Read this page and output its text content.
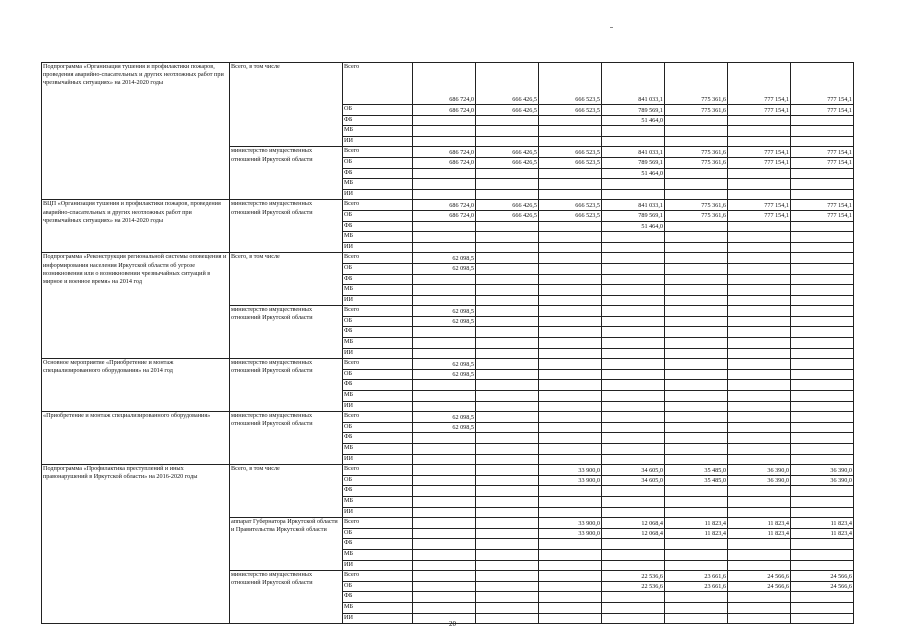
Подпрограмма «Организация тушения и профилактики пожаров, проведения аварийно-спасательных и других неотложных работ при чрезвычайных ситуациях» на 2014-2020 годы	Всего, в том числе	Всего	686 724,0	666 426,5	666 523,5	841 033,1	775 361,6	777 154,1	777 154,1
		ОБ	686 724,0	666 426,5	666 523,5	789 569,1	775 361,6	777 154,1	777 154,1
		ФБ				51 464,0			
		МБ							
		ИИ							
	министерство имущественных отношений Иркутской области	Всего	686 724,0	666 426,5	666 523,5	841 033,1	775 361,6	777 154,1	777 154,1
		ОБ	686 724,0	666 426,5	666 523,5	789 569,1	775 361,6	777 154,1	777 154,1
		ФБ				51 464,0			
		МБ							
		ИИ							
ВЦП «Организация тушения и профилактики пожаров, проведения аварийно-спасательных и других неотложных работ при чрезвычайных ситуациях» на 2014-2020 годы	министерство имущественных отношений Иркутской области	Всего	686 724,0	666 426,5	666 523,5	841 033,1	775 361,6	777 154,1	777 154,1
		ОБ	686 724,0	666 426,5	666 523,5	789 569,1	775 361,6	777 154,1	777 154,1
		ФБ				51 464,0			
		МБ							
		ИИ							
Подпрограмма «Реконструкция региональной системы оповещения и информирования населения Иркутской области об угрозе возникновения или о возникновении чрезвычайных ситуаций в мирное и военное время» на 2014 год	Всего, в том числе	Всего	62 098,5						
		ОБ	62 098,5						
		ФБ							
		МБ							
		ИИ							
	министерство имущественных отношений Иркутской области	Всего	62 098,5						
		ОБ	62 098,5						
		ФБ							
		МБ							
		ИИ							
Основное мероприятие «Приобретение и монтаж специализированного оборудования» на 2014 год	министерство имущественных отношений Иркутской области	Всего	62 098,5						
		ОБ	62 098,5						
		ФБ							
		МБ							
		ИИ							
«Приобретение и монтаж специализированного оборудования»	министерство имущественных отношений Иркутской области	Всего	62 098,5						
		ОБ	62 098,5						
		ФБ							
		МБ							
		ИИ							
Подпрограмма «Профилактика преступлений и иных правонарушений в Иркутской области» на 2016-2020 годы	Всего, в том числе	Всего			33 900,0	34 605,0	35 485,0	36 390,0	36 390,0
		ОБ			33 900,0	34 605,0	35 485,0	36 390,0	36 390,0
		ФБ							
		МБ							
		ИИ							
	аппарат Губернатора Иркутской области и Правительства Иркутской области	Всего			33 900,0	12 068,4	11 823,4	11 823,4	11 823,4
		ОБ			33 900,0	12 068,4	11 823,4	11 823,4	11 823,4
		ФБ							
		МБ							
		ИИ							
	министерство имущественных отношений Иркутской области	Всего				22 536,6	23 661,6	24 566,6	24 566,6
		ОБ				22 536,6	23 661,6	24 566,6	24 566,6
		ФБ							
		МБ							
		ИИ							
20
